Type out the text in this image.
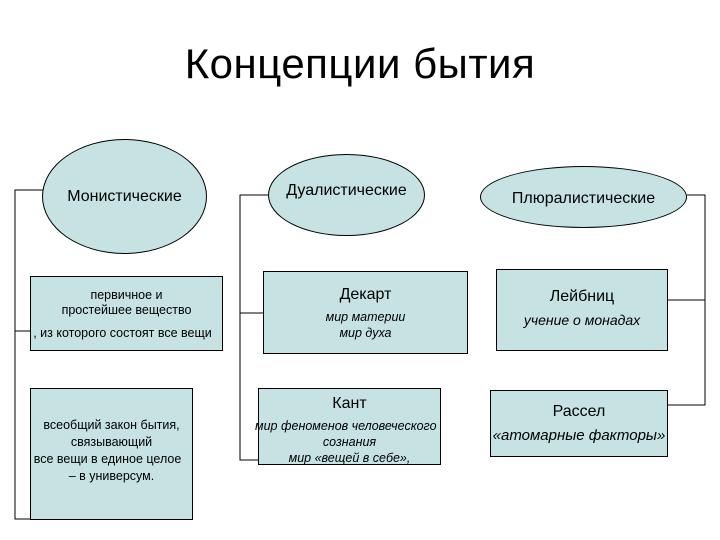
Концепции бытия
Монистические	Дуалистические	Плюралистические
первичное и
простейшее вещество
, из которого состоят все вещи
всеобщий закон бытия,
связывающий
все вещи в единое целое
– в универсум.
Декарт
мир материи
мир духа
Кант
мир феноменов человеческого
сознания
мир «вещей в себе»,
Лейбниц
учение о монадах
Рассел
«атомарные факторы»
